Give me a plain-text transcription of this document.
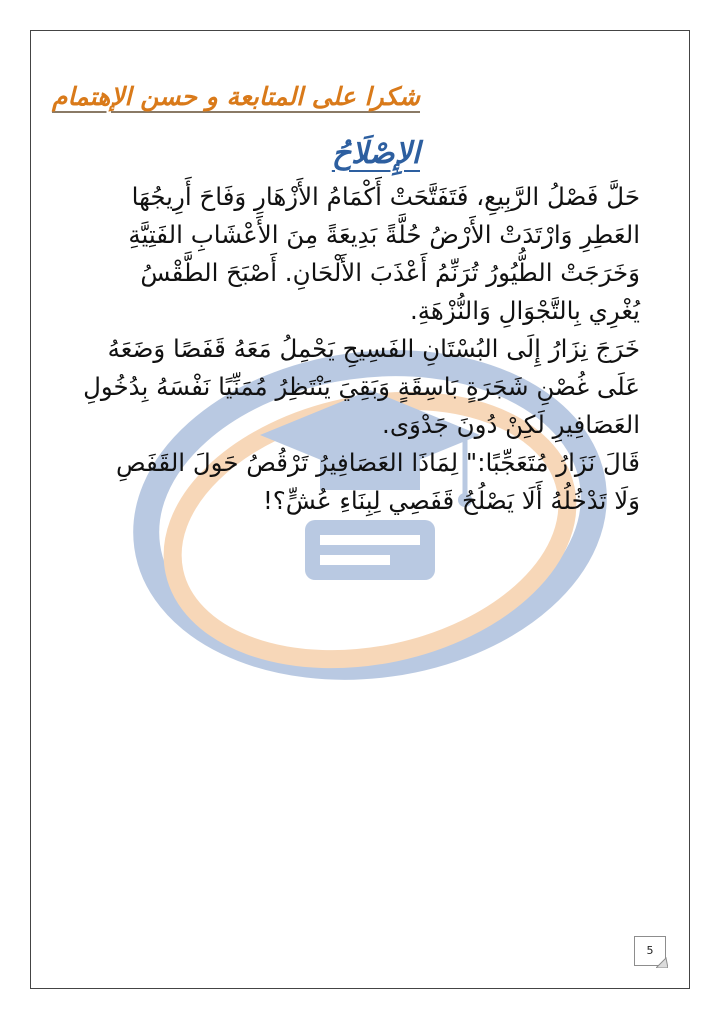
شكرا على المتابعة و حسن الإهتمام
الإِصْلَاحُ
حَلَّ فَصْلُ الرَّبِيعِ، فَتَفَتَّحَتْ أَكْمَامُ الأَزْهَارِ وَفَاحَ أَرِيجُهَا
العَطِرِ وَارْتَدَتْ الأَرْضُ حُلَّةً بَدِيعَةً مِنَ الأَعْشَابِ الفَتِيَّةِ
وَخَرَجَتْ الطُّيُورُ تُرَنِّمُ أَعْذَبَ الأَلْحَانِ. أَصْبَحَ الطَّقْسُ
يُغْرِي بِالتَّجْوَالِ وَالنُّزْهَةِ.
خَرَجَ نِزَارُ إِلَى البُسْتَانِ الفَسِيحِ يَحْمِلُ مَعَهُ قَفَصًا وَضَعَهُ
عَلَى غُصْنِ شَجَرَةٍ بَاسِقَةٍ وَبَقِيَ يَنْتَظِرُ مُمَنِّيًا نَفْسَهُ بِدُخُولِ
العَصَافِيرِ لَكِنْ دُونَ جَدْوَى.
قَالَ نَزَارُ مُتَعَجِّبًا:" لِمَاذَا العَصَافِيرُ تَرْقُصُ حَولَ القَفَصِ
وَلَا تَدْخُلُهُ أَلَا يَصْلُحُ قَفَصِي لِبِنَاءِ عُشٍّ؟!
5
